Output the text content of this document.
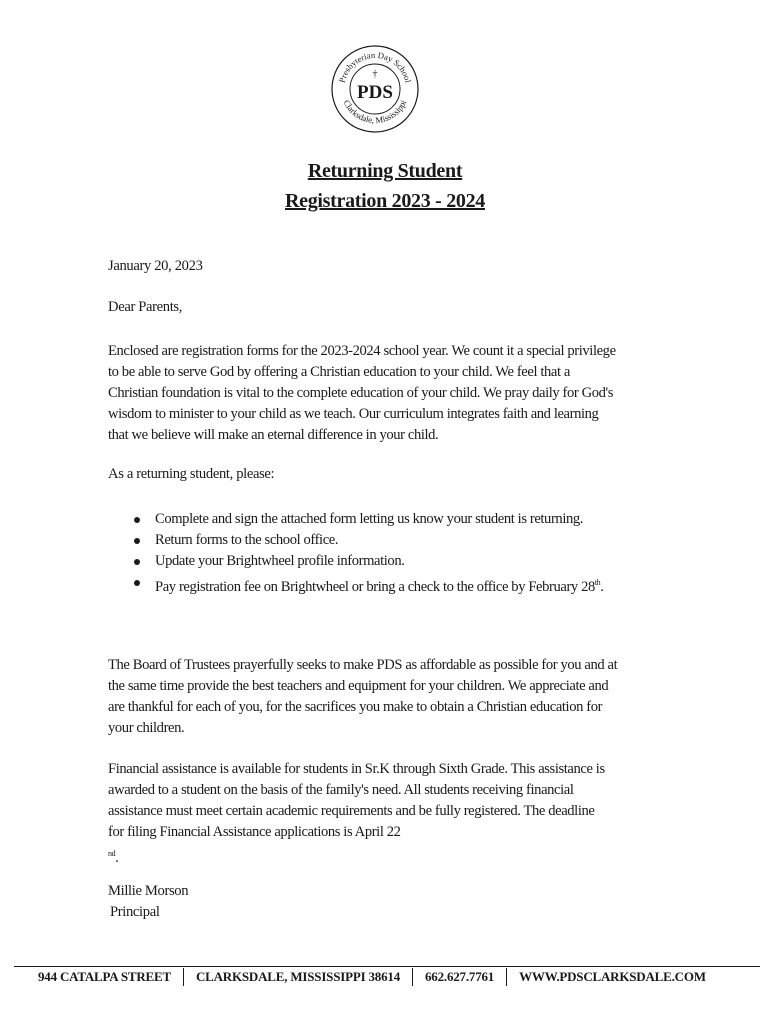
Presbyterian Day School
Clarksdale, Mississippi
†
PDS
Returning Student
Registration 2023 - 2024
January 20, 2023
Dear Parents,
Enclosed are registration forms for the 2023-2024 school year. We count it a special privilege
to be able to serve God by offering a Christian education to your child. We feel that a
Christian foundation is vital to the complete education of your child. We pray daily for God's
wisdom to minister to your child as we teach. Our curriculum integrates faith and learning
that we believe will make an eternal difference in your child.
As a returning student, please:
Complete and sign the attached form letting us know your student is returning.
Return forms to the school office.
Update your Brightwheel profile information.
Pay registration fee on Brightwheel or bring a check to the office by February 28th.
The Board of Trustees prayerfully seeks to make PDS as affordable as possible for you and at
the same time provide the best teachers and equipment for your children. We appreciate and
are thankful for each of you, for the sacrifices you make to obtain a Christian education for
your children.
Financial assistance is available for students in Sr.K through Sixth Grade. This assistance is
awarded to a student on the basis of the family's need. All students receiving financial
assistance must meet certain academic requirements and be fully registered. The deadline
for filing Financial Assistance applications is April 22
$^{nd}$.
Millie Morson
Principal
944 CATALPA STREET CLARKSDALE, MISSISSIPPI 38614 662.627.7761 WWW.PDSCLARKSDALE.COM
